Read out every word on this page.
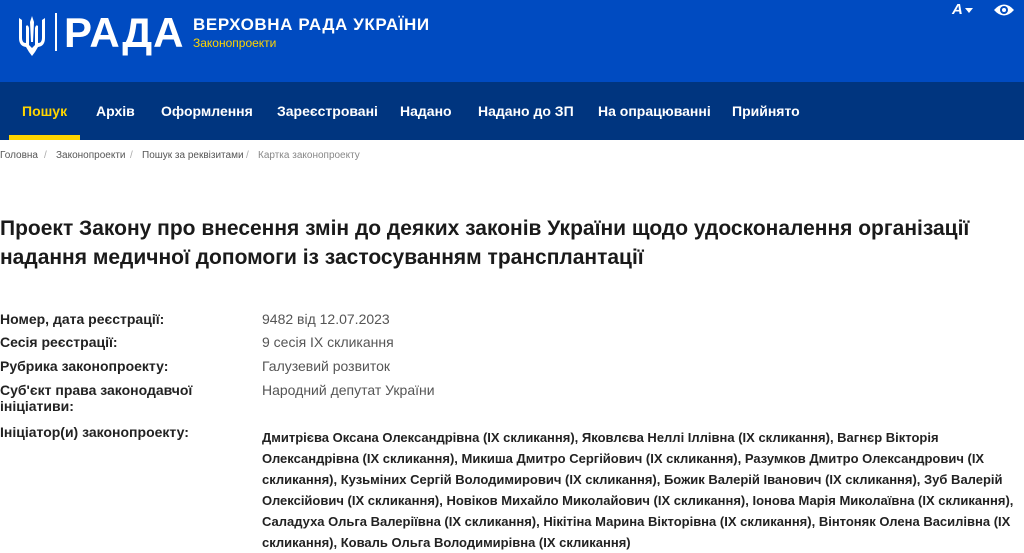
РАДА ВЕРХОВНА РАДА УКРАЇНИ
Законопроекти
A
Пошук Архів Оформлення Зареєстровані Надано Надано до ЗП На опрацюванні Прийнято
Головна / Законопроекти / Пошук за реквізитами / Картка законопроекту
Проект Закону про внесення змін до деяких законів України щодо удосконалення організації надання медичної допомоги із застосуванням трансплантації
Номер, дата реєстрації:	9482 від 12.07.2023
Сесія реєстрації:	9 сесія IX скликання
Рубрика законопроекту:	Галузевий розвиток
Суб'єкт права законодавчої ініціативи:
Народний депутат України
Ініціатор(и) законопроекту:	Дмитрієва Оксана Олександрівна (IX скликання), Яковлєва Неллі Іллівна (IX скликання), Вагнєр Вікторія Олександрівна (IX скликання), Микиша Дмитро Сергійович (IX скликання), Разумков Дмитро Олександрович (IX скликання), Кузьміних Сергій Володимирович (IX скликання), Божик Валерій Іванович (IX скликання), Зуб Валерій Олексійович (IX скликання), Новіков Михайло Миколайович (IX скликання), Іонова Марія Миколаївна (IX скликання), Саладуха Ольга Валеріївна (IX скликання), Нікітіна Марина Вікторівна (IX скликання), Вінтоняк Олена Василівна (IX скликання), Коваль Ольга Володимирівна (IX скликання)
